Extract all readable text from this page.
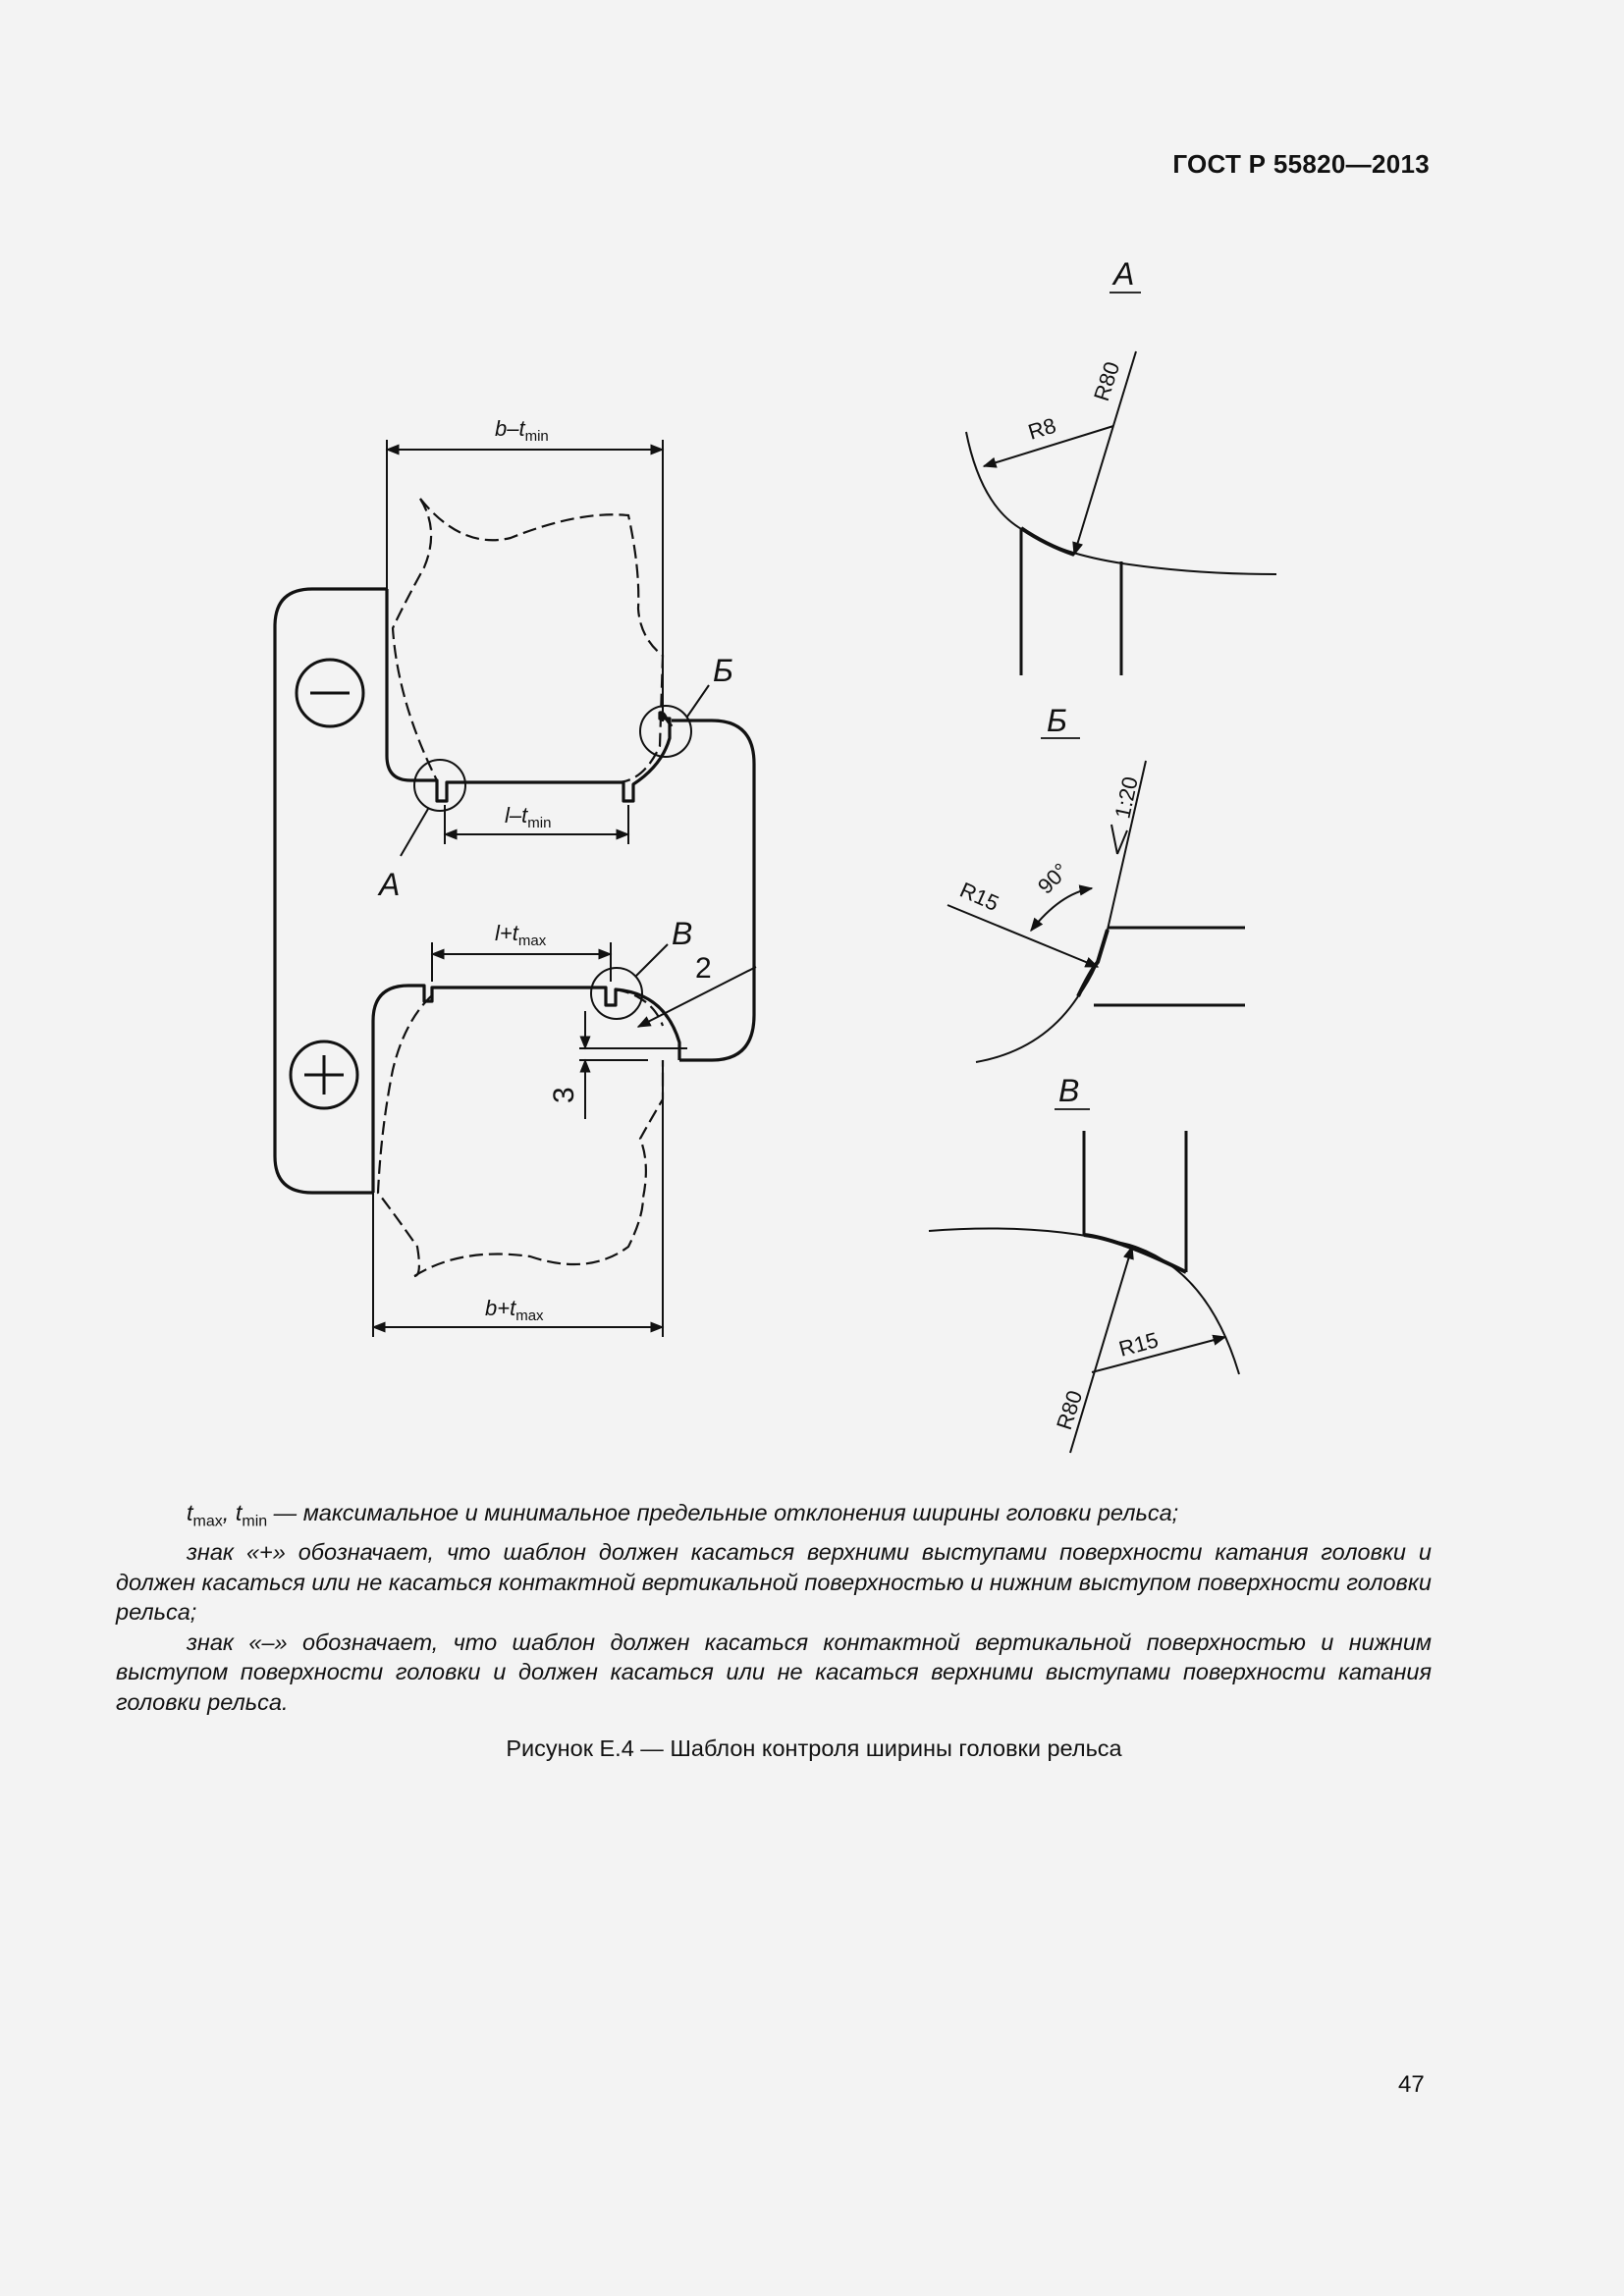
ГОСТ Р 55820—2013
$b-t_{min}$
$l-t_{min}$
$l+t_{max}$
$b+t_{max}$
А
Б
В
2
3
А
R80
R8
Б
1:20
90°
R15
В
R15
R80

$t_{max}$, $t_{min}$ — максимальное и минимальное предельные отклонения ширины головки рельса;

знак «+» обозначает, что шаблон должен касаться верхними выступами поверхности катания головки и должен касаться или не касаться контактной вертикальной поверхностью и нижним выступом поверхности головки рельса;

знак «–» обозначает, что шаблон должен касаться контактной вертикальной поверхностью и нижним выступом поверхности головки и должен касаться или не касаться верхними выступами поверхности катания головки рельса.

Рисунок Е.4 — Шаблон контроля ширины головки рельса
47
